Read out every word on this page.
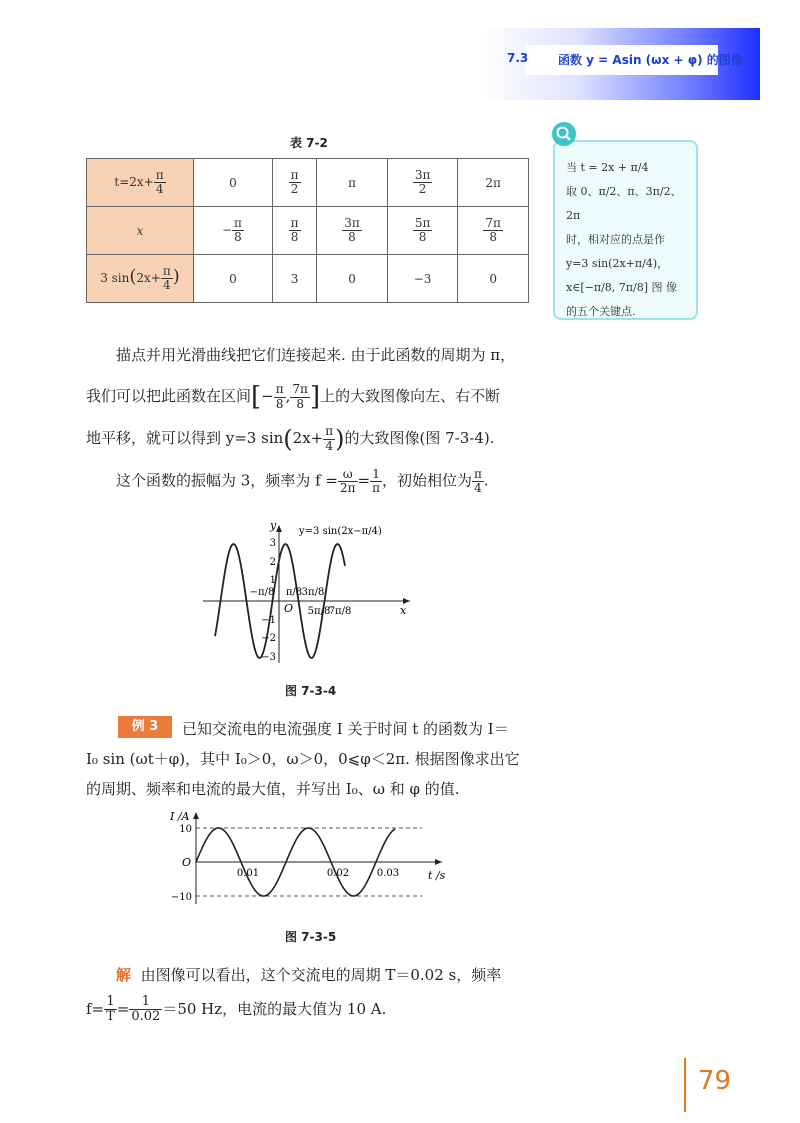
7.3 函数 y = Asin (ωx + φ) 的图像
表 7-2
$t=2x+ \frac{\pi}{4}$	0	$\frac{\pi}{2}$	π	$\frac{3\pi}{2}$	2π
x	− $\frac{\pi}{8}$	$\frac{\pi}{8}$	$\frac{3\pi}{8}$	$\frac{5\pi}{8}$	$\frac{7\pi}{8}$

3 $\sin(2x+ \frac{\pi}{4}$ )	0	3	0	−3	0
当 t = 2x + π/4
取 0、π/2、π、3π/2、2π
时，相对应的点是作
y=3 sin(2x+π/4)，
x∈[−π/8, 7π/8] 图 像
的五个关键点.
描点并用光滑曲线把它们连接起来. 由于此函数的周期为 π，
我们可以把此函数在区间[− $\frac{\pi}{8}$ , $\frac{7\pi}{8}$ ]上的大致图像向左、右不断
地平移，就可以得到 y=3 $\sin(2x+ \frac{\pi}{4}$ )的大致图像(图 7-3-4).
这个函数的振幅为 3，频率为 $f = \frac{\omega}{2\pi} = \frac{1}{\pi}$ ，初始相位为 $\frac{\pi}{4}$ .
y
x
O
y=3 sin(2x−π/4)
3
2
1
−1
−2
−3
−π/8 π/8 3π/8
5π/8
7π/8
图 7-3-4
例 3	已知交流电的电流强度 I 关于时间 t 的函数为 I＝
I₀ sin (ωt＋φ)，其中 I₀＞0，ω＞0，0⩽φ＜2π. 根据图像求出它
的周期、频率和电流的最大值，并写出 I₀、ω 和 φ 的值.
I /A
t /s
O
10
−10
0.01	0.02	0.03
图 7-3-5
解 由图像可以看出，这个交流电的周期 T＝0.02 s，频率
$f= \frac{1}{T} = \frac{1}{0.02} =50$ Hz，电流的最大值为 10 A.
79
